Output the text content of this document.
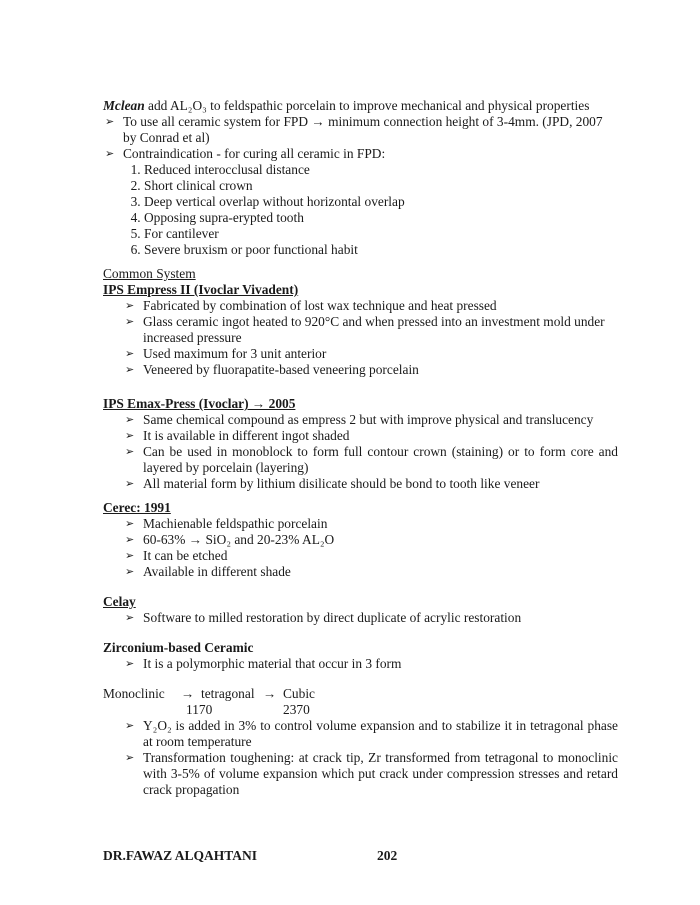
Mclean add AL₂O₃ to feldspathic porcelain to improve mechanical and physical properties

➢ To use all ceramic system for FPD → minimum connection height of 3-4mm. (JPD, 2007 by Conrad et al)
➢ Contraindication - for curing all ceramic in FPD:
1. Reduced interocclusal distance
2. Short clinical crown
3. Deep vertical overlap without horizontal overlap
4. Opposing supra-erypted tooth
5. For cantilever
6. Severe bruxism or poor functional habit

Common System

IPS Empress II (Ivoclar Vivadent)

➢ Fabricated by combination of lost wax technique and heat pressed
➢ Glass ceramic ingot heated to 920°C and when pressed into an investment mold under increased pressure
➢ Used maximum for 3 unit anterior
➢ Veneered by fluorapatite-based veneering porcelain

IPS Emax-Press (Ivoclar) → 2005

➢ Same chemical compound as empress 2 but with improve physical and translucency
➢ It is available in different ingot shaded
➢ Can be used in monoblock to form full contour crown (staining) or to form core and layered by porcelain (layering)
➢ All material form by lithium disilicate should be bond to tooth like veneer

Cerec: 1991

➢ Machienable feldspathic porcelain
➢ 60-63% → SiO₂ and 20-23% AL₂O
➢ It can be etched
➢ Available in different shade

Celay

➢ Software to milled restoration by direct duplicate of acrylic restoration

Zirconium-based Ceramic

➢ It is a polymorphic material that occur in 3 form
Monoclinic → tetragonal → Cubic
1170	2370
➢ Y₂O₂ is added in 3% to control volume expansion and to stabilize it in tetragonal phase at room temperature
➢ Transformation toughening: at crack tip, Zr transformed from tetragonal to monoclinic with 3-5% of volume expansion which put crack under compression stresses and retard crack propagation
DR.FAWAZ ALQAHTANI	202
